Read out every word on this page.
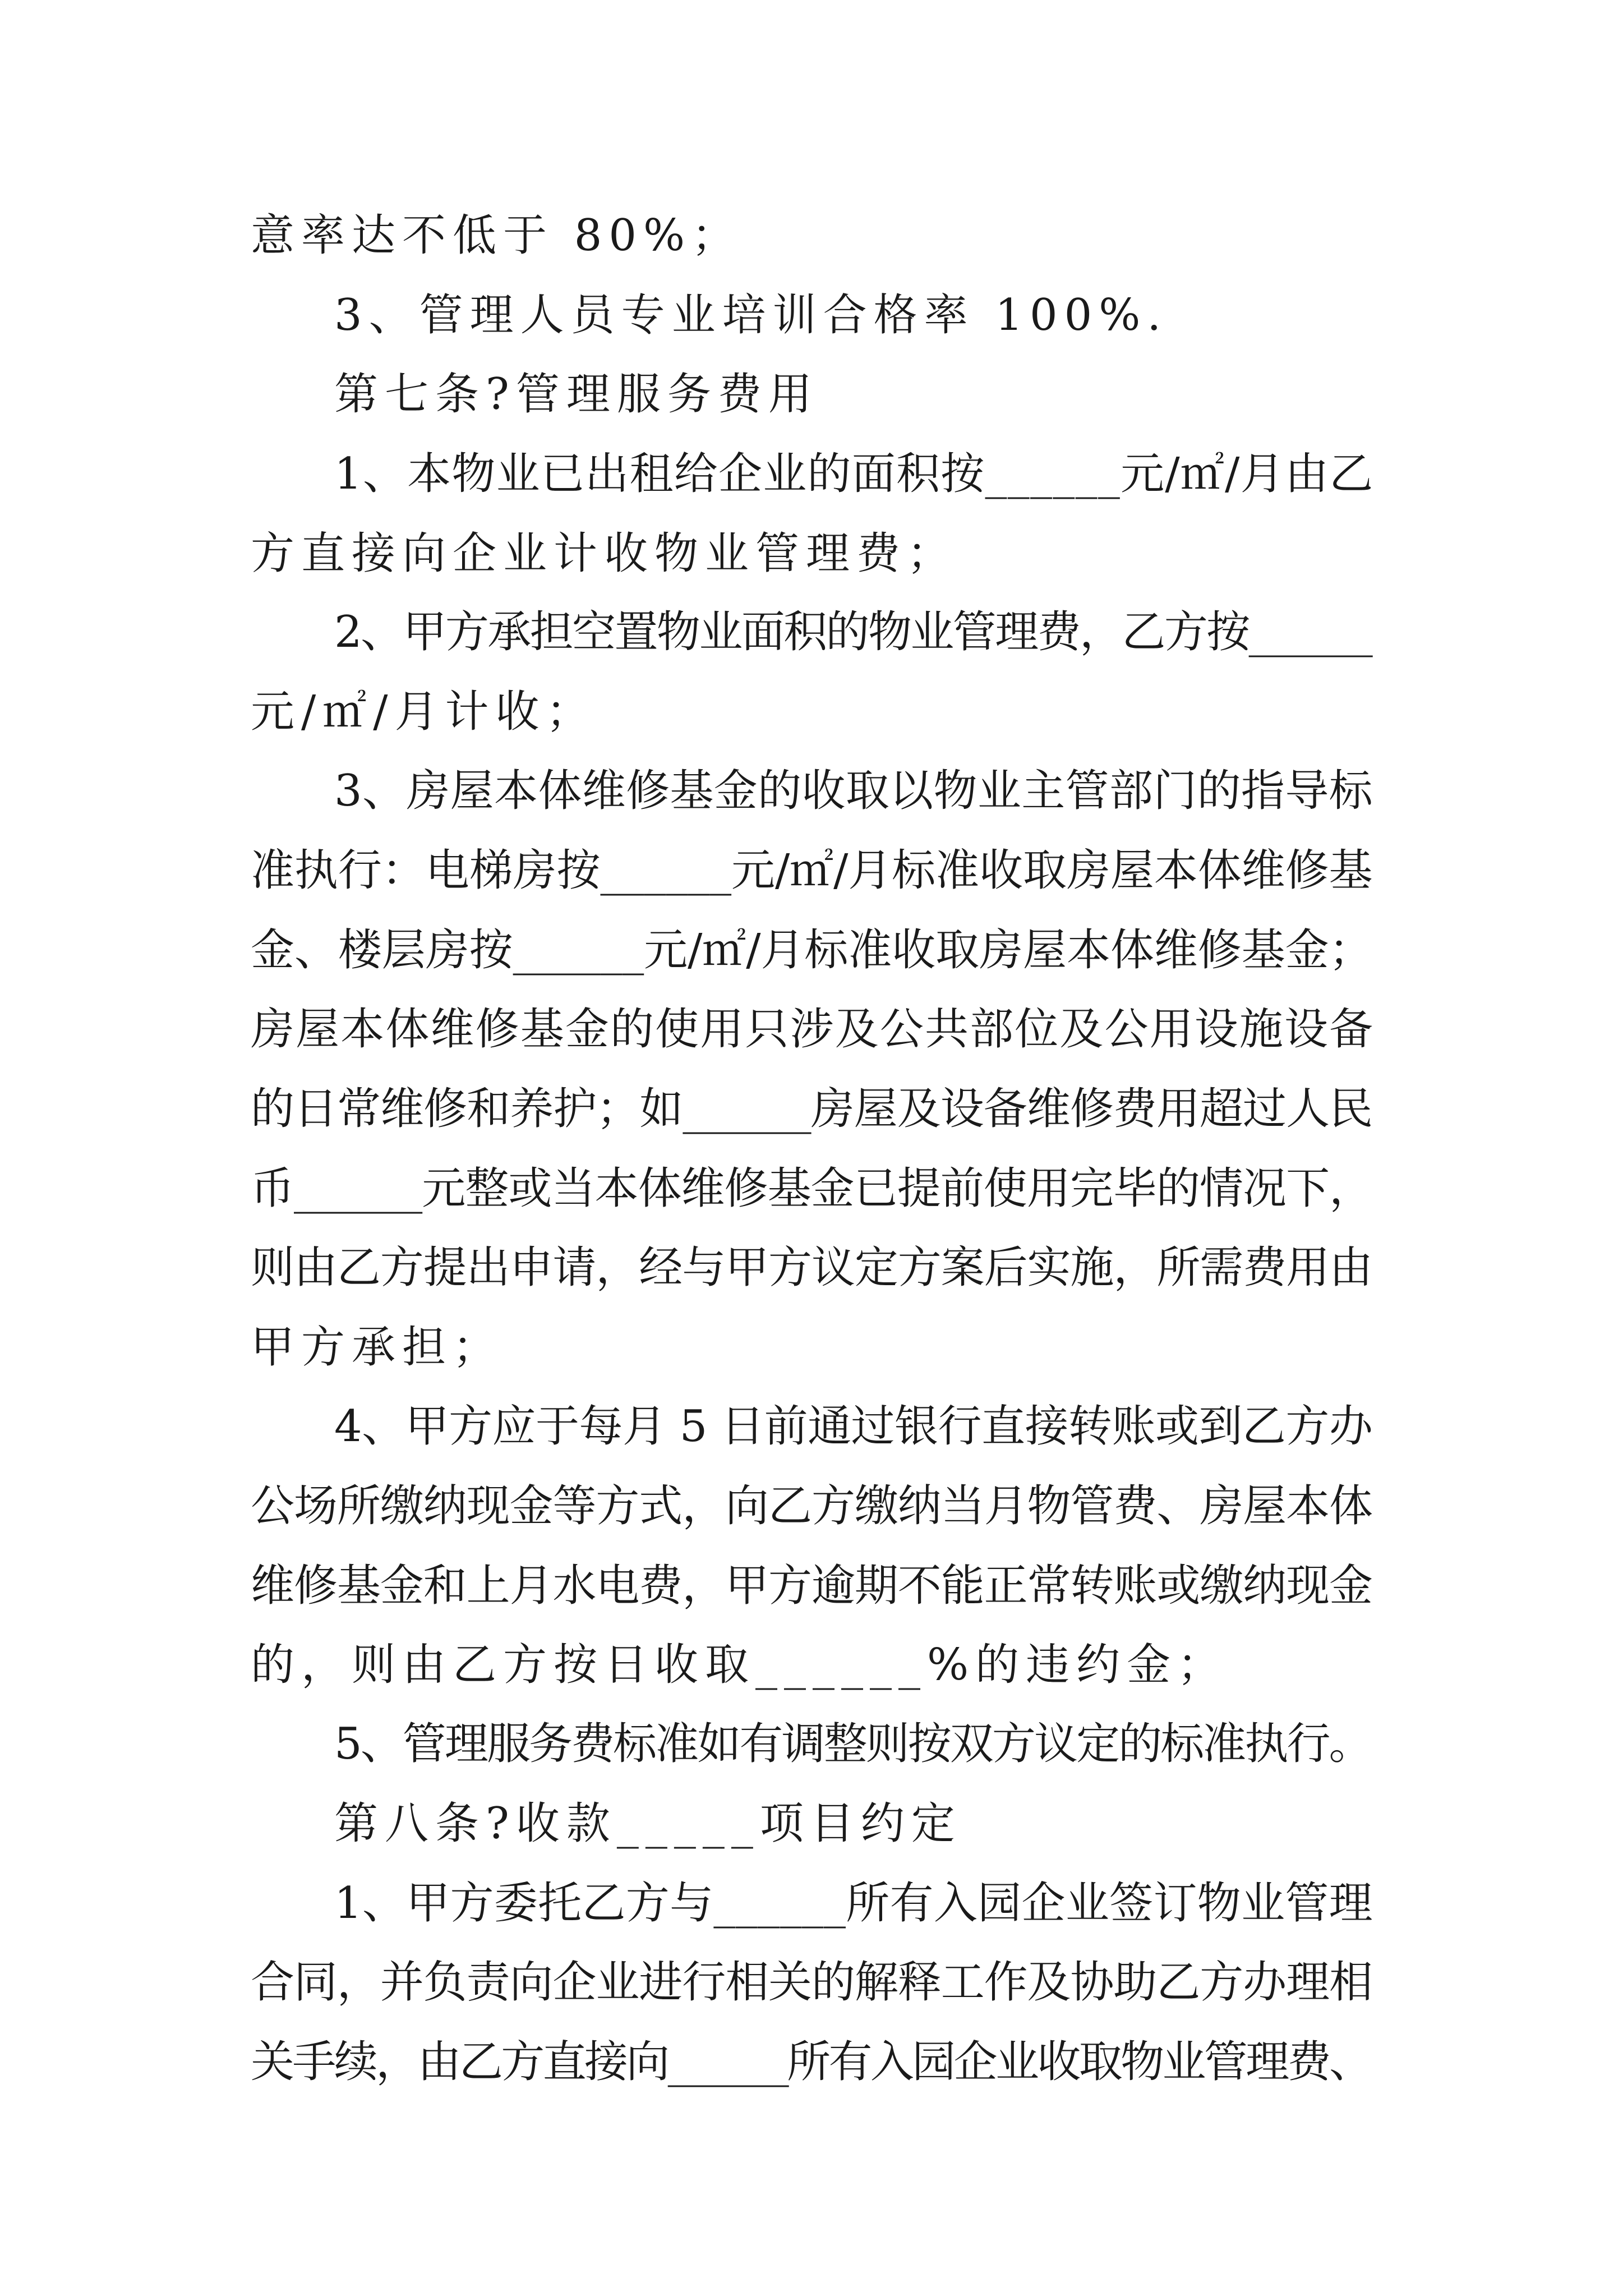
意率达不低于 80%；
3、管理人员专业培训合格率 100%.
第七条?管理服务费用
1、本物业已出租给企业的面积按______元/㎡/月由乙
方直接向企业计收物业管理费；
2、甲方承担空置物业面积的物业管理费，乙方按______
元/㎡/月计收；
3、房屋本体维修基金的收取以物业主管部门的指导标
准执行：电梯房按______元/㎡/月标准收取房屋本体维修基
金、楼层房按______元/㎡/月标准收取房屋本体维修基金；
房屋本体维修基金的使用只涉及公共部位及公用设施设备
的日常维修和养护；如______房屋及设备维修费用超过人民
币______元整或当本体维修基金已提前使用完毕的情况下，
则由乙方提出申请，经与甲方议定方案后实施，所需费用由
甲方承担；
4、甲方应于每月 5 日前通过银行直接转账或到乙方办
公场所缴纳现金等方式，向乙方缴纳当月物管费、房屋本体
维修基金和上月水电费，甲方逾期不能正常转账或缴纳现金
的，则由乙方按日收取______%的违约金；
5、管理服务费标准如有调整则按双方议定的标准执行。
第八条?收款_____项目约定
1、甲方委托乙方与______所有入园企业签订物业管理
合同，并负责向企业进行相关的解释工作及协助乙方办理相
关手续，由乙方直接向______所有入园企业收取物业管理费、
